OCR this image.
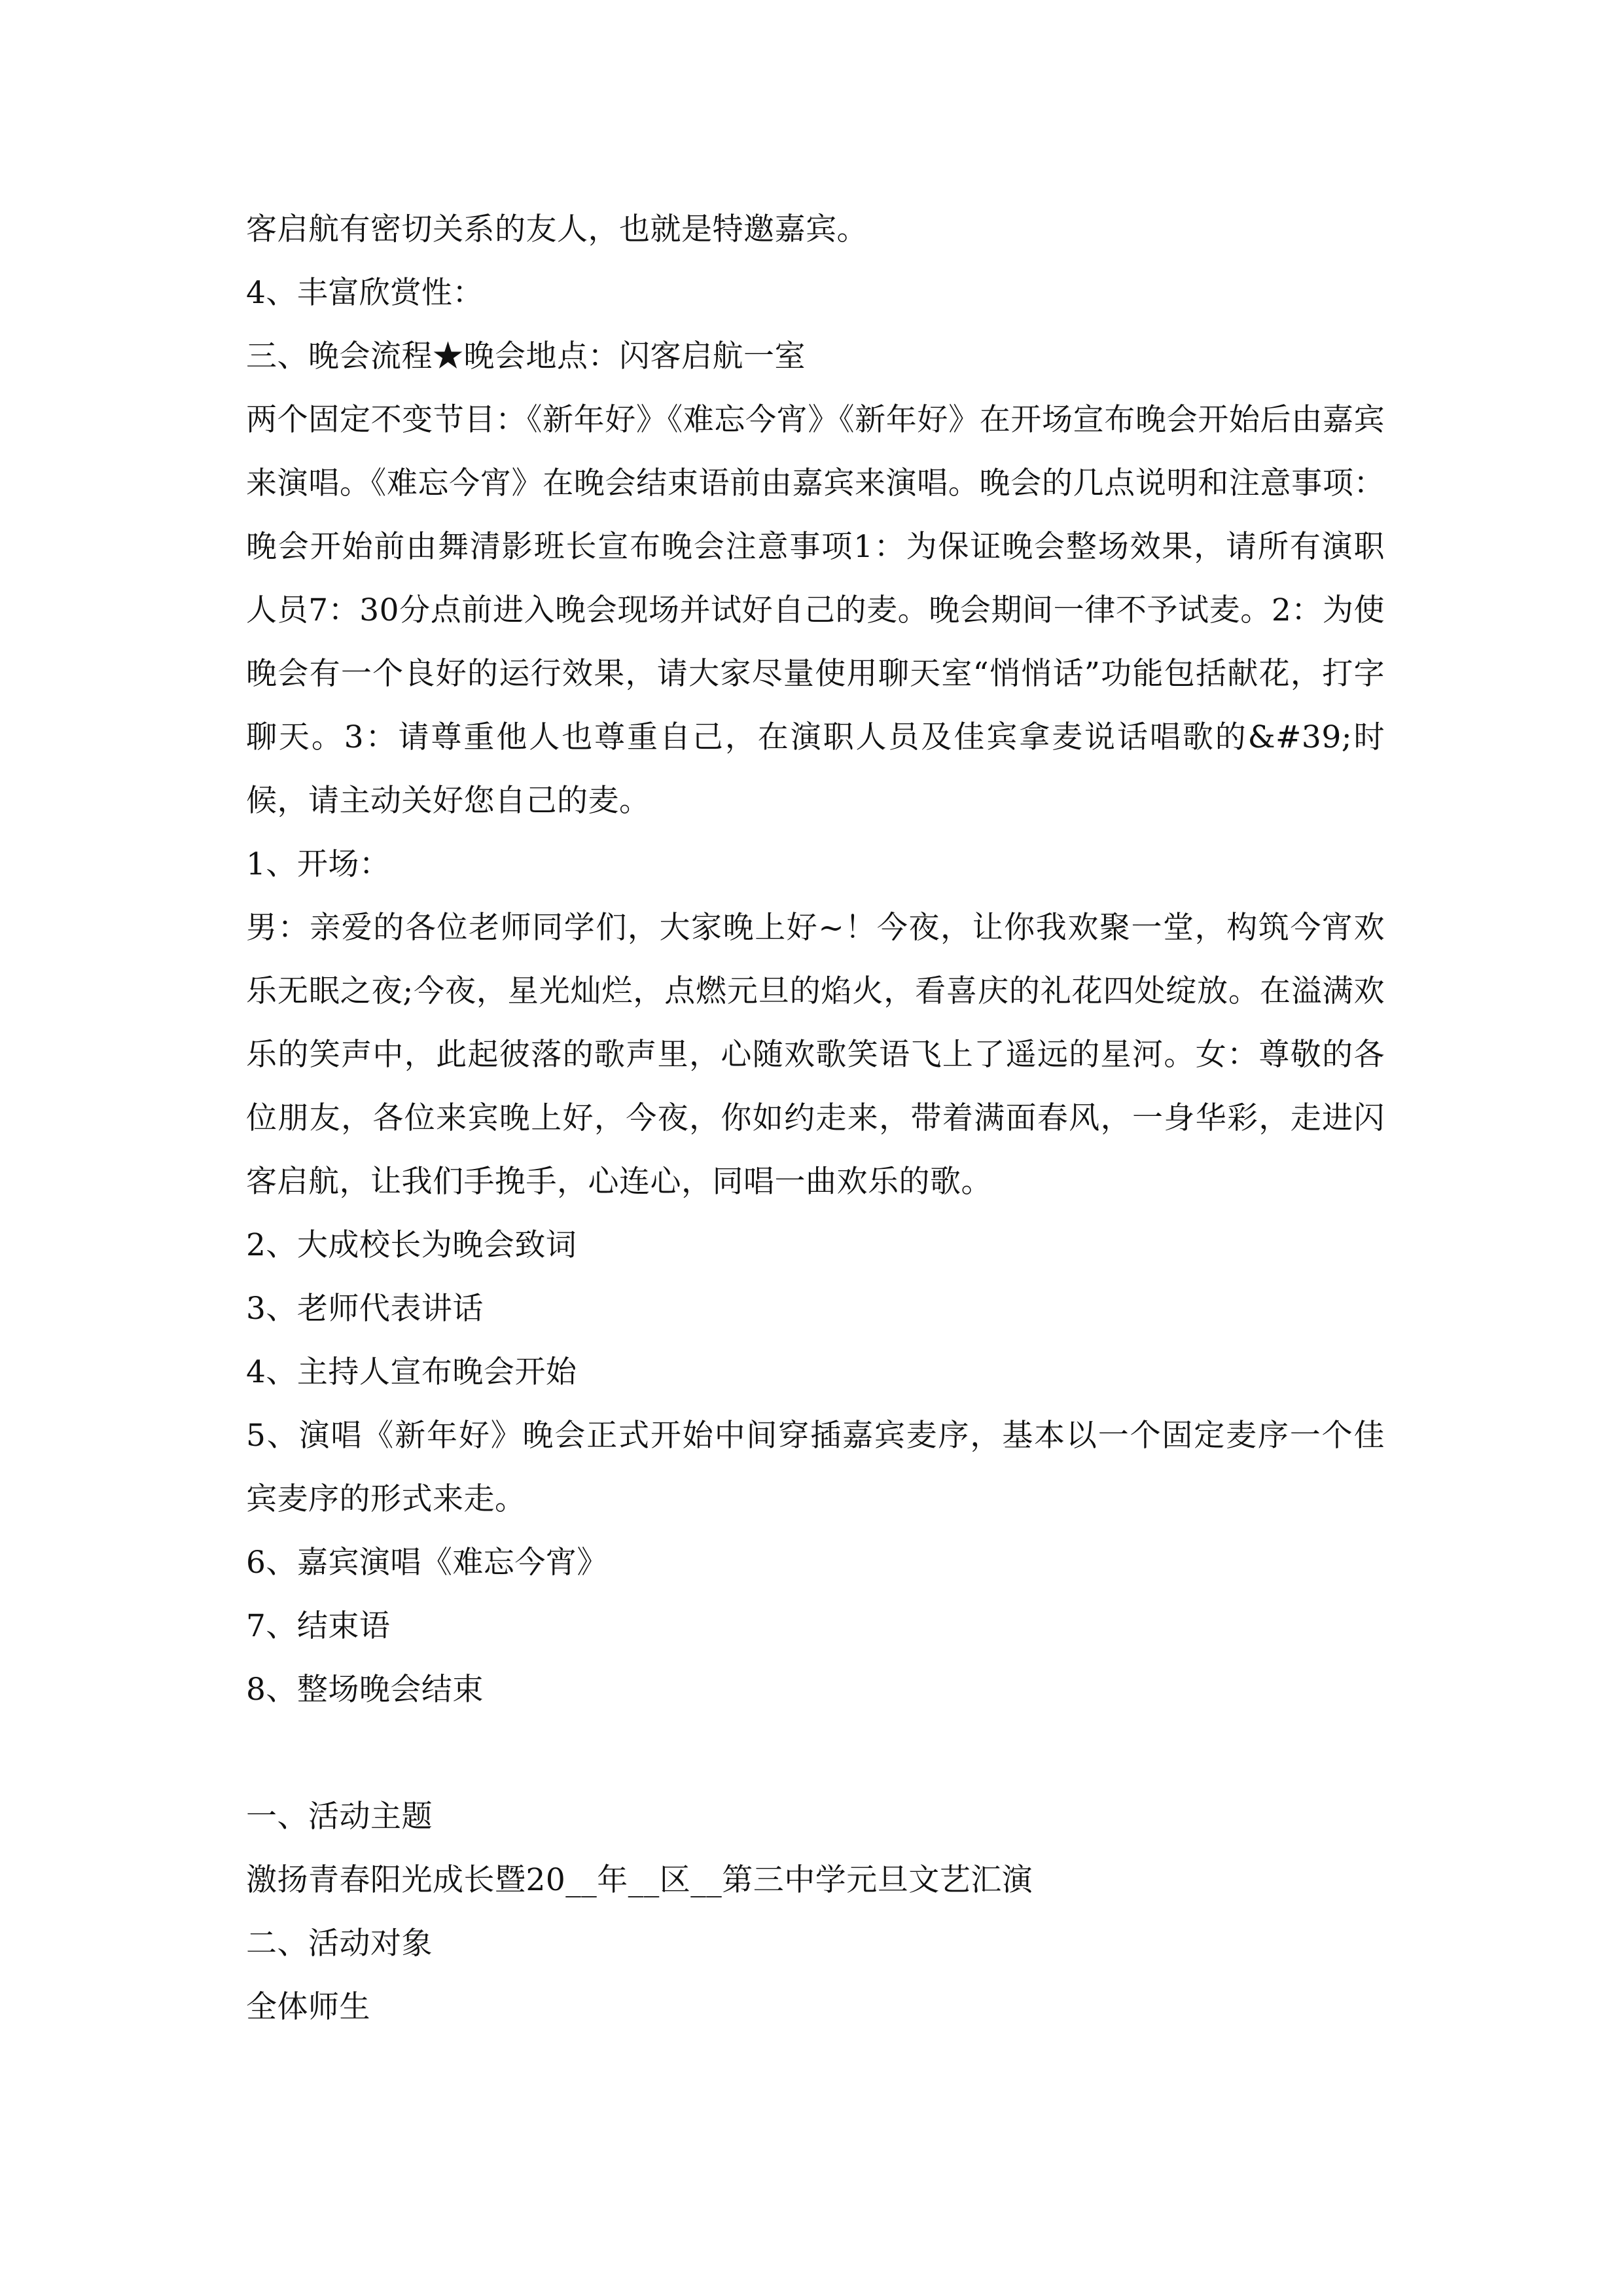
客启航有密切关系的友人，也就是特邀嘉宾。
4、丰富欣赏性：
三、晚会流程★晚会地点：闪客启航一室
两个固定不变节目：《新年好》《难忘今宵》《新年好》在开场宣布晚会开始后由嘉宾来演唱。《难忘今宵》在晚会结束语前由嘉宾来演唱。晚会的几点说明和注意事项：晚会开始前由舞清影班长宣布晚会注意事项1：为保证晚会整场效果，请所有演职人员7：30分点前进入晚会现场并试好自己的麦。晚会期间一律不予试麦。2：为使晚会有一个良好的运行效果，请大家尽量使用聊天室“悄悄话”功能包括献花，打字聊天。3：请尊重他人也尊重自己，在演职人员及佳宾拿麦说话唱歌的&#39;时候，请主动关好您自己的麦。
1、开场：
男：亲爱的各位老师同学们，大家晚上好~！今夜，让你我欢聚一堂，构筑今宵欢乐无眠之夜;今夜，星光灿烂，点燃元旦的焰火，看喜庆的礼花四处绽放。在溢满欢乐的笑声中，此起彼落的歌声里，心随欢歌笑语飞上了遥远的星河。女：尊敬的各位朋友，各位来宾晚上好，今夜，你如约走来，带着满面春风，一身华彩，走进闪客启航，让我们手挽手，心连心，同唱一曲欢乐的歌。
2、大成校长为晚会致词
3、老师代表讲话
4、主持人宣布晚会开始
5、演唱《新年好》晚会正式开始中间穿插嘉宾麦序，基本以一个固定麦序一个佳宾麦序的形式来走。
6、嘉宾演唱《难忘今宵》
7、结束语
8、整场晚会结束
一、活动主题
激扬青春阳光成长暨20__年__区__第三中学元旦文艺汇演
二、活动对象
全体师生
